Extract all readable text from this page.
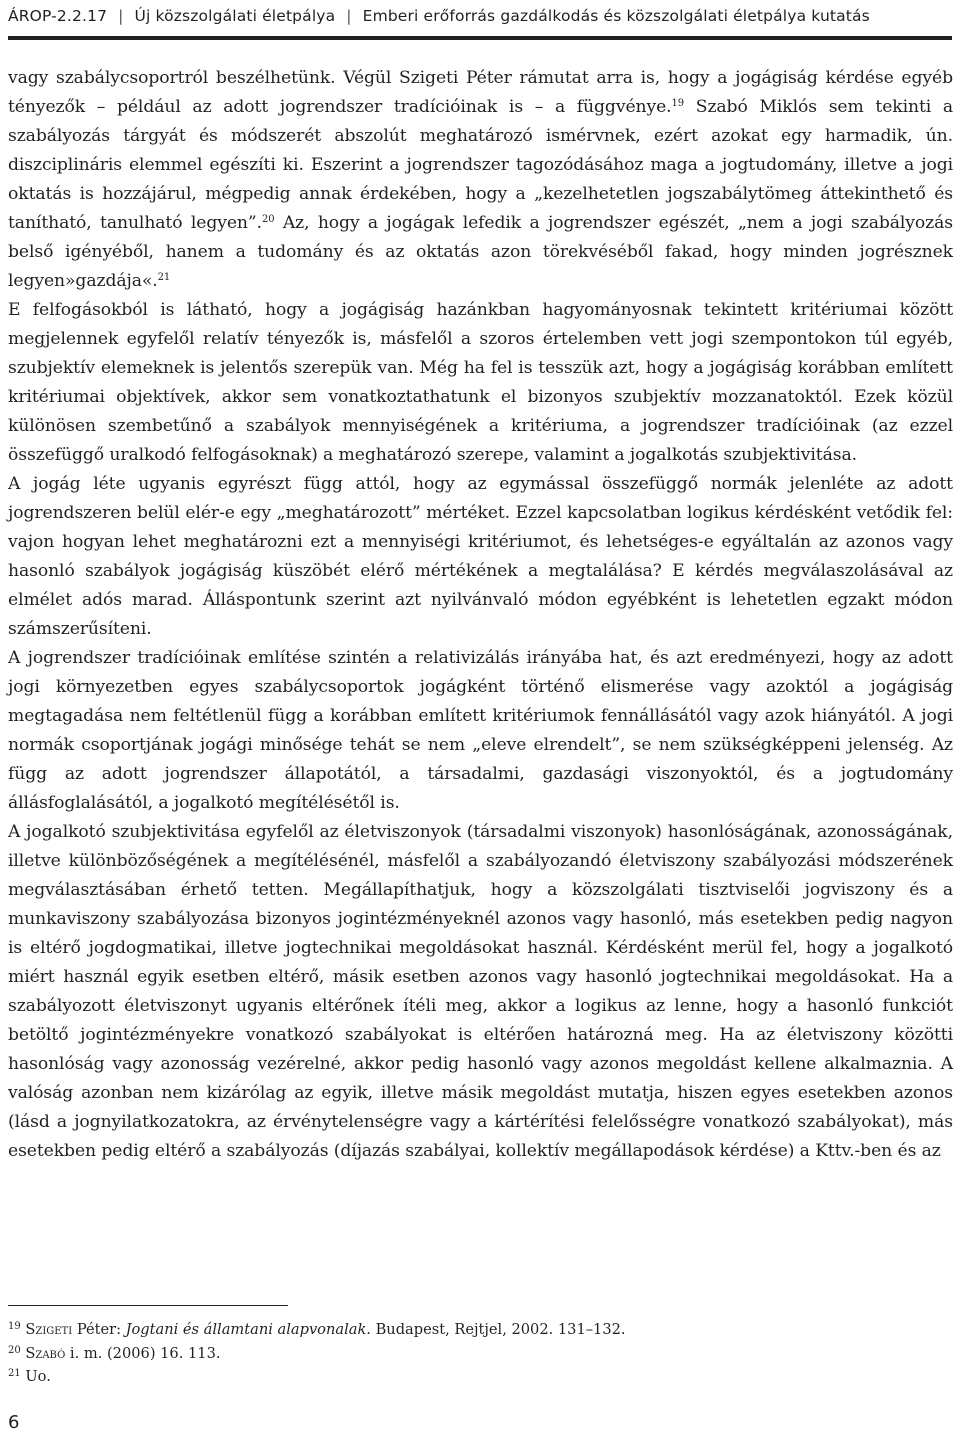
ÁROP-2.2.17 | Új közszolgálati életpálya | Emberi erőforrás gazdálkodás és közszolgálati életpálya kutatás

vagy szabálycsoportról beszélhetünk. Végül Szigeti Péter rámutat arra is, hogy a jogágiság kérdése egyéb tényezők – például az adott jogrendszer tradícióinak is – a függvénye.$^{19}$ Szabó Miklós sem tekinti a szabályozás tárgyát és módszerét abszolút meghatározó ismérvnek, ezért azokat egy harmadik, ún. diszciplináris elemmel egészíti ki. Eszerint a jogrendszer tagozódásához maga a jogtudomány, illetve a jogi oktatás is hozzájárul, mégpedig annak érdekében, hogy a „kezelhetetlen jogszabálytömeg áttekinthető és tanítható, tanulható legyen”.$^{20}$ Az, hogy a jogágak lefedik a jogrendszer egészét, „nem a jogi szabályozás belső igényéből, hanem a tudomány és az oktatás azon törekvéséből fakad, hogy minden jogrésznek legyen»gazdája«.$^{21}$

E felfogásokból is látható, hogy a jogágiság hazánkban hagyományosnak tekintett kritériumai között megjelennek egyfelől relatív tényezők is, másfelől a szoros értelemben vett jogi szempontokon túl egyéb, szubjektív elemeknek is jelentős szerepük van. Még ha fel is tesszük azt, hogy a jogágiság korábban említett kritériumai objektívek, akkor sem vonatkoztathatunk el bizonyos szubjektív mozzanatoktól. Ezek közül különösen szembetűnő a szabályok mennyiségének a kritériuma, a jogrendszer tradícióinak (az ezzel összefüggő uralkodó felfogásoknak) a meghatározó szerepe, valamint a jogalkotás szubjektivitása.

A jogág léte ugyanis egyrészt függ attól, hogy az egymással összefüggő normák jelenléte az adott jogrendszeren belül elér-e egy „meghatározott” mértéket. Ezzel kapcsolatban logikus kérdésként vetődik fel: vajon hogyan lehet meghatározni ezt a mennyiségi kritériumot, és lehetséges-e egyáltalán az azonos vagy hasonló szabályok jogágiság küszöbét elérő mértékének a megtalálása? E kérdés megválaszolásával az elmélet adós marad. Álláspontunk szerint azt nyilvánvaló módon egyébként is lehetetlen egzakt módon számszerűsíteni.

A jogrendszer tradícióinak említése szintén a relativizálás irányába hat, és azt eredményezi, hogy az adott jogi környezetben egyes szabálycsoportok jogágként történő elismerése vagy azoktól a jogágiság megtagadása nem feltétlenül függ a korábban említett kritériumok fennállásától vagy azok hiányától. A jogi normák csoportjának jogági minősége tehát se nem „eleve elrendelt”, se nem szükségképpeni jelenség. Az függ az adott jogrendszer állapotától, a társadalmi, gazdasági viszonyoktól, és a jogtudomány állásfoglalásától, a jogalkotó megítélésétől is.

A jogalkotó szubjektivitása egyfelől az életviszonyok (társadalmi viszonyok) hasonlóságának, azonosságának, illetve különbözőségének a megítélésénél, másfelől a szabályozandó életviszony szabályozási módszerének megválasztásában érhető tetten. Megállapíthatjuk, hogy a közszolgálati tisztviselői jogviszony és a munkaviszony szabályozása bizonyos jogintézményeknél azonos vagy hasonló, más esetekben pedig nagyon is eltérő jogdogmatikai, illetve jogtechnikai megoldásokat használ. Kérdésként merül fel, hogy a jogalkotó miért használ egyik esetben eltérő, másik esetben azonos vagy hasonló jogtechnikai megoldásokat. Ha a szabályozott életviszonyt ugyanis eltérőnek ítéli meg, akkor a logikus az lenne, hogy a hasonló funkciót betöltő jogintézményekre vonatkozó szabályokat is eltérően határozná meg. Ha az életviszony közötti hasonlóság vagy azonosság vezérelné, akkor pedig hasonló vagy azonos megoldást kellene alkalmaznia. A valóság azonban nem kizárólag az egyik, illetve másik megoldást mutatja, hiszen egyes esetekben azonos (lásd a jognyilatkozatokra, az érvénytelenségre vagy a kártérítési felelősségre vonatkozó szabályokat), más esetekben pedig eltérő a szabályozás (díjazás szabályai, kollektív megállapodások kérdése) a Kttv.-ben és az

$^{19}$ Szigeti Péter: Jogtani és államtani alapvonalak. Budapest, Rejtjel, 2002. 131–132.
$^{20}$ Szabó i. m. (2006) 16. 113.
$^{21}$ Uo.
6
